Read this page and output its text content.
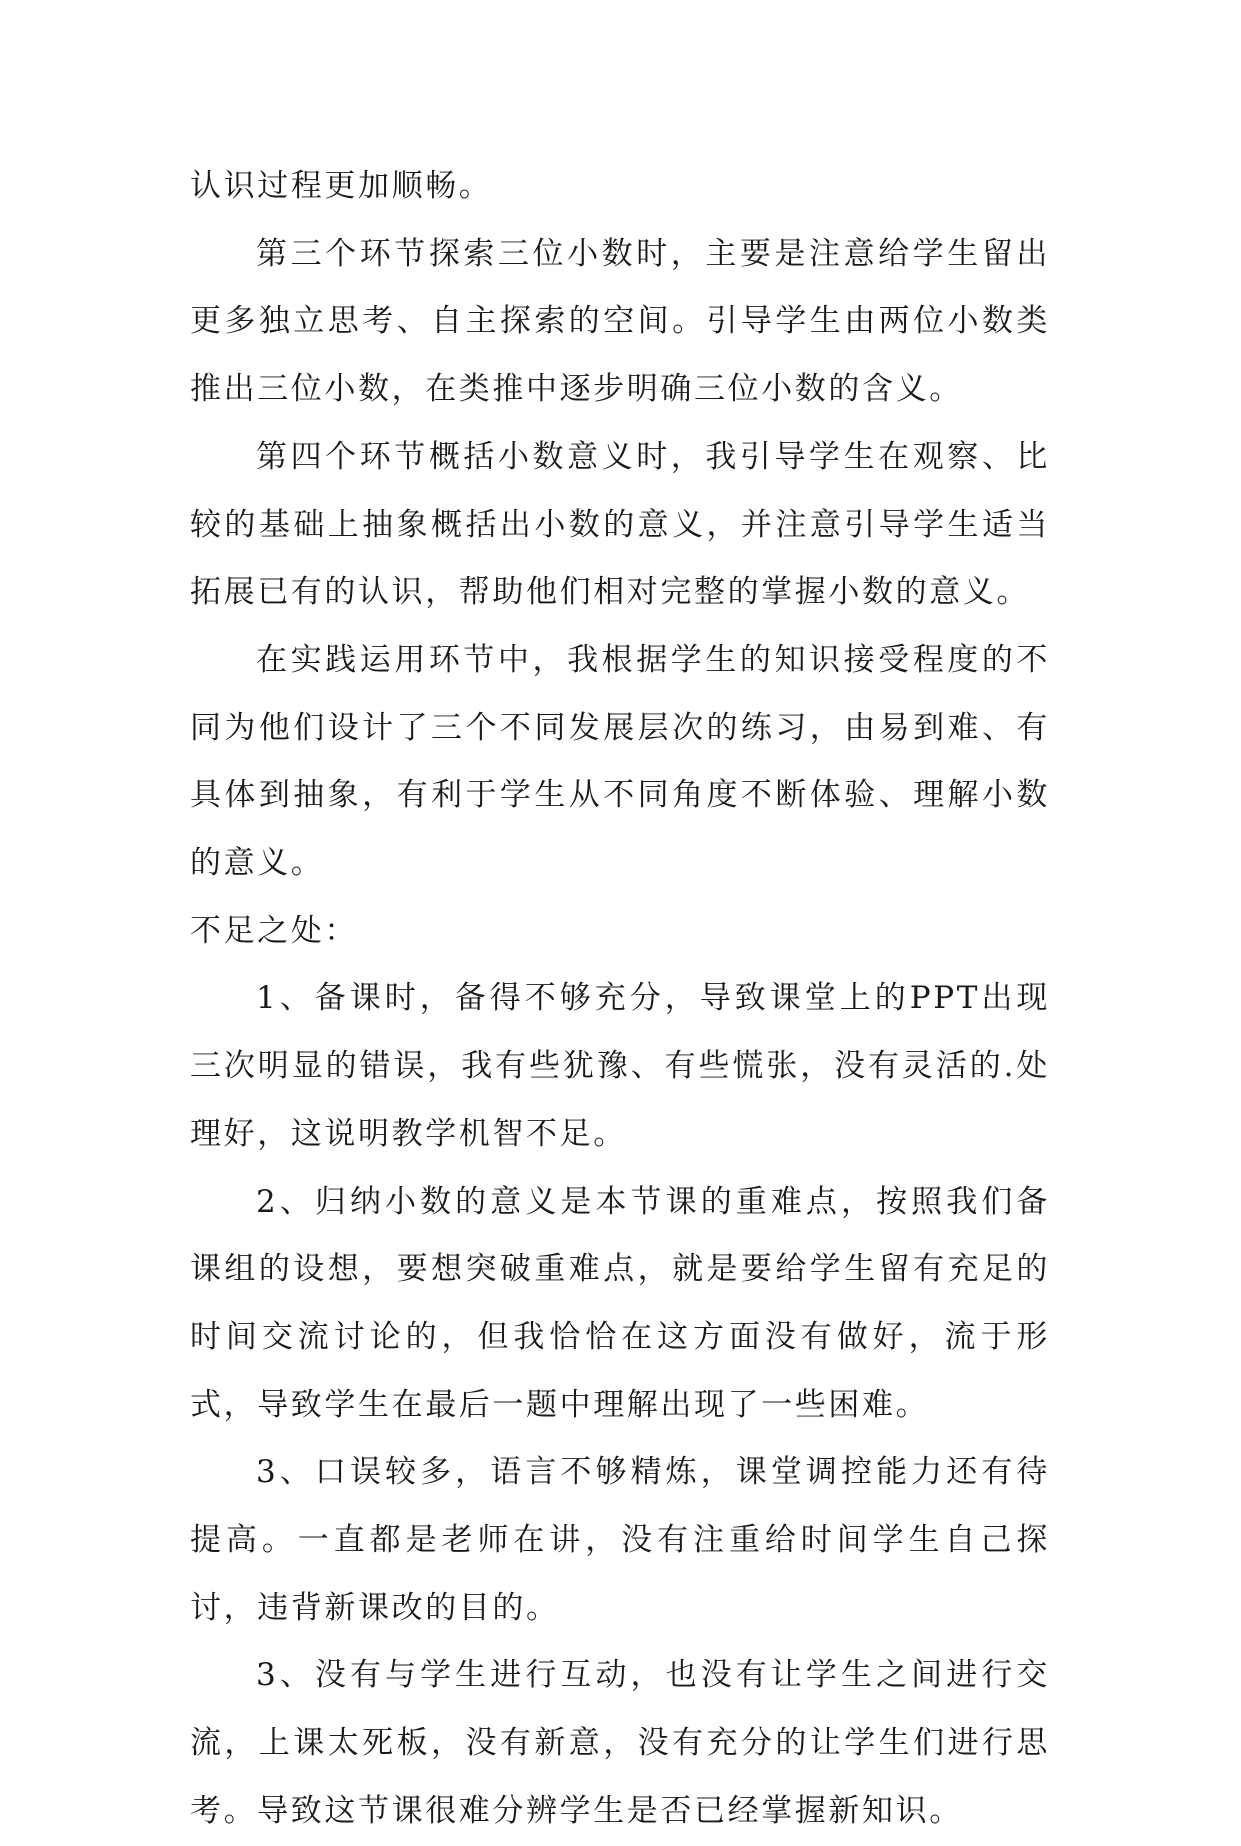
认识过程更加顺畅。

第三个环节探索三位小数时，主要是注意给学生留出更多独立思考、自主探索的空间。引导学生由两位小数类推出三位小数，在类推中逐步明确三位小数的含义。

第四个环节概括小数意义时，我引导学生在观察、比较的基础上抽象概括出小数的意义，并注意引导学生适当拓展已有的认识，帮助他们相对完整的掌握小数的意义。

在实践运用环节中，我根据学生的知识接受程度的不同为他们设计了三个不同发展层次的练习，由易到难、有具体到抽象，有利于学生从不同角度不断体验、理解小数的意义。

不足之处：

1、备课时，备得不够充分，导致课堂上的PPT出现三次明显的错误，我有些犹豫、有些慌张，没有灵活的.处理好，这说明教学机智不足。

2、归纳小数的意义是本节课的重难点，按照我们备课组的设想，要想突破重难点，就是要给学生留有充足的时间交流讨论的，但我恰恰在这方面没有做好，流于形式，导致学生在最后一题中理解出现了一些困难。

3、口误较多，语言不够精炼，课堂调控能力还有待提高。一直都是老师在讲，没有注重给时间学生自己探讨，违背新课改的目的。

3、没有与学生进行互动，也没有让学生之间进行交流，上课太死板，没有新意，没有充分的让学生们进行思考。导致这节课很难分辨学生是否已经掌握新知识。
